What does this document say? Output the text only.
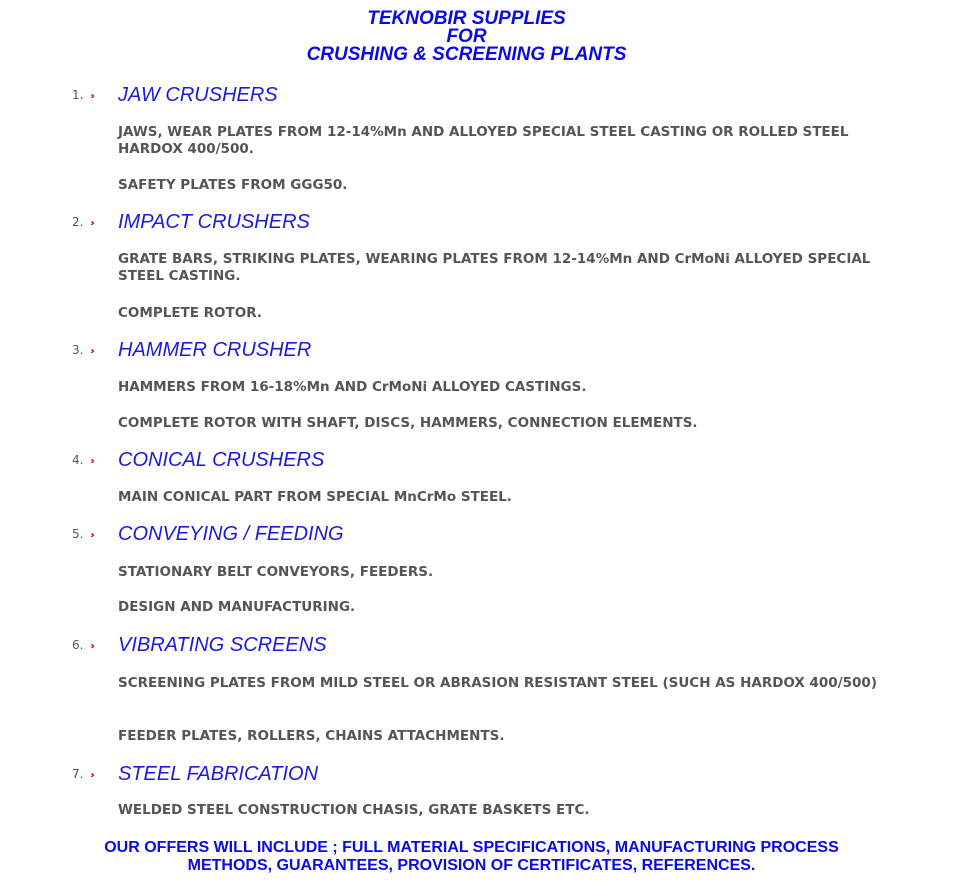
TEKNOBIR SUPPLIES
FOR
CRUSHING & SCREENING PLANTS
1. ››	JAW CRUSHERS
JAWS, WEAR PLATES FROM 12-14%Mn AND ALLOYED SPECIAL STEEL CASTING OR ROLLED STEEL HARDOX 400/500.
SAFETY PLATES FROM GGG50.
2. ››	IMPACT CRUSHERS
GRATE BARS, STRIKING PLATES, WEARING PLATES FROM 12-14%Mn AND CrMoNi ALLOYED SPECIAL STEEL CASTING.
COMPLETE ROTOR.
3. ››	HAMMER CRUSHER
HAMMERS FROM 16-18%Mn AND CrMoNi ALLOYED CASTINGS.
COMPLETE ROTOR WITH SHAFT, DISCS, HAMMERS, CONNECTION ELEMENTS.
4. ››	CONICAL CRUSHERS
MAIN CONICAL PART FROM SPECIAL MnCrMo STEEL.
5. ››	CONVEYING / FEEDING
STATIONARY BELT CONVEYORS, FEEDERS.
DESIGN AND MANUFACTURING.
6. ››	VIBRATING SCREENS
SCREENING PLATES FROM MILD STEEL OR ABRASION RESISTANT STEEL (SUCH AS HARDOX 400/500)
FEEDER PLATES, ROLLERS, CHAINS ATTACHMENTS.
7. ››	STEEL FABRICATION
WELDED STEEL CONSTRUCTION CHASIS, GRATE BASKETS ETC.
OUR OFFERS WILL INCLUDE ; FULL MATERIAL SPECIFICATIONS, MANUFACTURING PROCESS
METHODS, GUARANTEES, PROVISION OF CERTIFICATES, REFERENCES.
